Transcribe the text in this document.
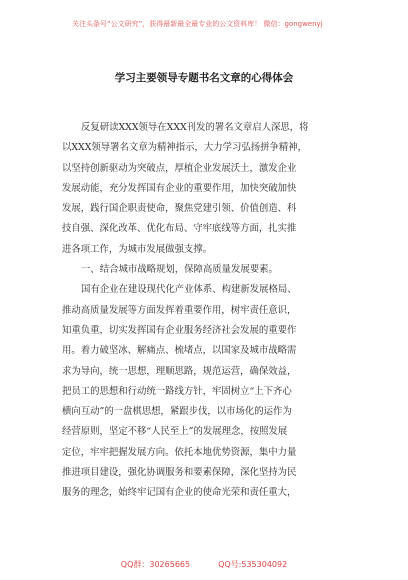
关注头条号“公文研究”，获得最新最全最专业的公文资料库！ 微信：gongwenyj
学习主要领导专题书名文章的心得体会
反复研读XXX领导在XXX刊发的署名文章启人深思，将
以XXX领导署名文章为精神指示，大力学习弘扬拼争精神，
以坚持创新驱动为突破点，厚植企业发展沃土，激发企业
发展动能，充分发挥国有企业的重要作用，加快突破加快
发展，践行国企职责使命，聚焦党建引领、价值创造、科
技自强、深化改革、优化布局、守牢底线等方面，扎实推
进各项工作，为城市发展做强支撑。
一、结合城市战略规划，保障高质量发展要素。
国有企业在建设现代化产业体系、构建新发展格局、
推动高质量发展等方面发挥着重要作用，树牢责任意识，
知重负重，切实发挥国有企业服务经济社会发展的重要作
用。着力破坚冰、解痛点、梳堵点，以国家及城市战略需
求为导向，统一思想，理顺思路，规范运营，确保效益，
把员工的思想和行动统一路线方针，牢固树立“上下齐心
横向互动”的一盘棋思想，紧跟步伐，以市场化的运作为
经营原则，坚定不移“人民至上”的发展理念，按照发展
定位，牢牢把握发展方向。依托本地优势资源，集中力量
推进项目建设，强化协调服务和要素保障，深化坚持为民
服务的理念，始终牢记国有企业的使命光荣和责任重大，
QQ群：30265665	QQ号:535304092
